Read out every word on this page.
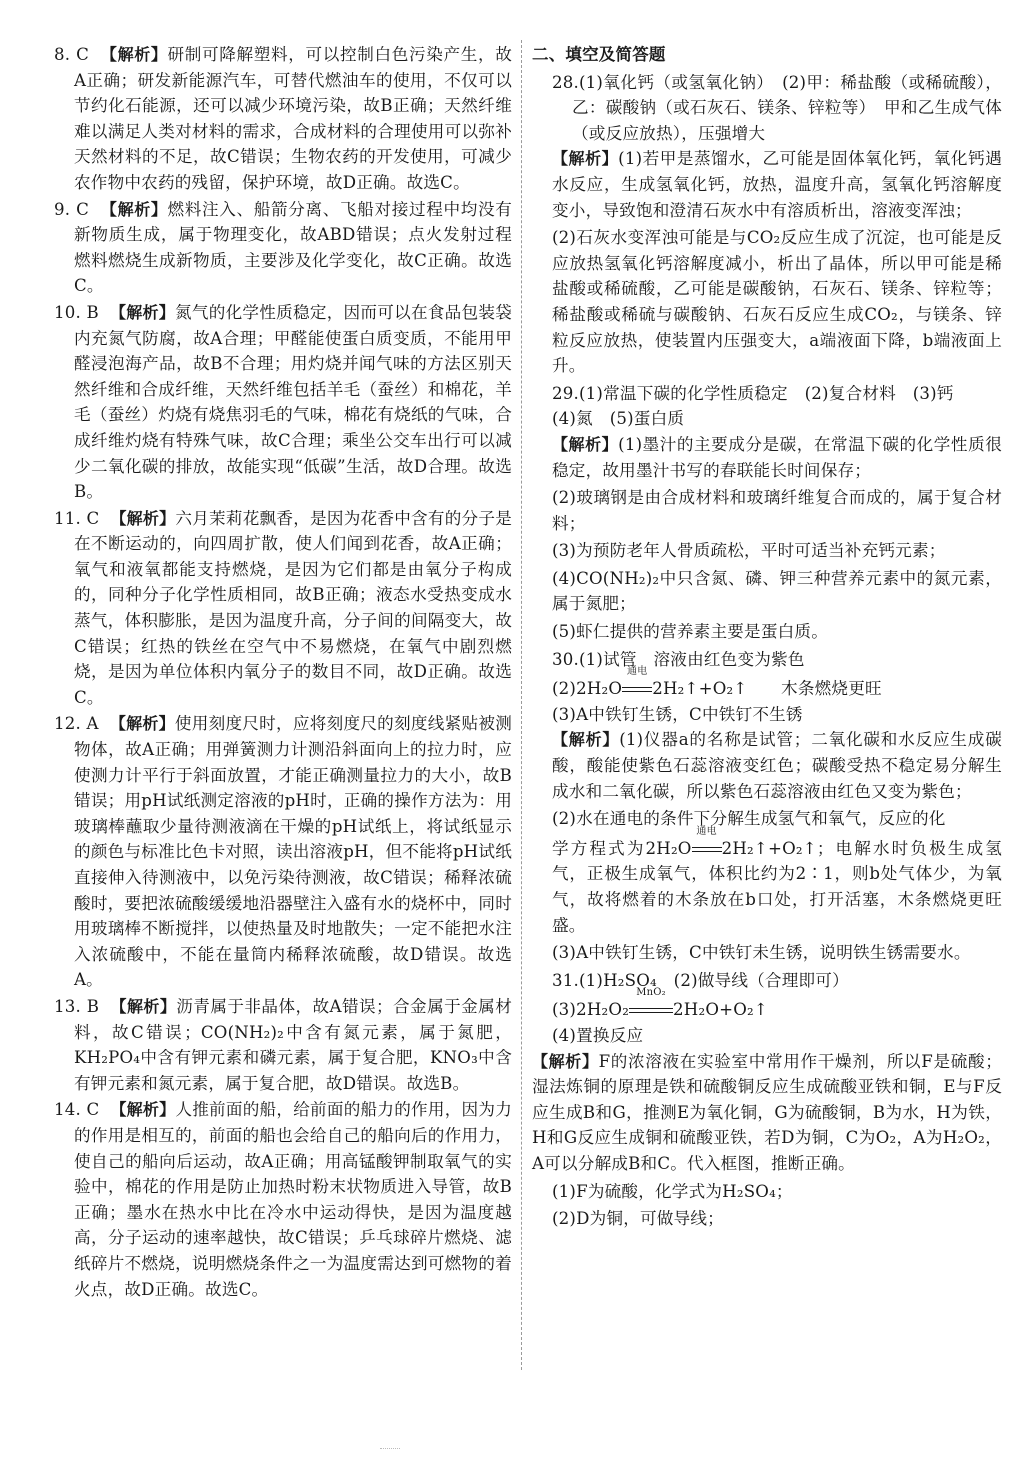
8. C 【解析】研制可降解塑料，可以控制白色污染产生，故A正确；研发新能源汽车，可替代燃油车的使用，不仅可以节约化石能源，还可以减少环境污染，故B正确；天然纤维难以满足人类对材料的需求，合成材料的合理使用可以弥补天然材料的不足，故C错误；生物农药的开发使用，可减少农作物中农药的残留，保护环境，故D正确。故选C。
9. C 【解析】燃料注入、船箭分离、飞船对接过程中均没有新物质生成，属于物理变化，故ABD错误；点火发射过程燃料燃烧生成新物质，主要涉及化学变化，故C正确。故选C。
10. B 【解析】氮气的化学性质稳定，因而可以在食品包装袋内充氮气防腐，故A合理；甲醛能使蛋白质变质，不能用甲醛浸泡海产品，故B不合理；用灼烧并闻气味的方法区别天然纤维和合成纤维，天然纤维包括羊毛（蚕丝）和棉花，羊毛（蚕丝）灼烧有烧焦羽毛的气味，棉花有烧纸的气味，合成纤维灼烧有特殊气味，故C合理；乘坐公交车出行可以减少二氧化碳的排放，故能实现“低碳”生活，故D合理。故选B。
11. C 【解析】六月茉莉花飘香，是因为花香中含有的分子是在不断运动的，向四周扩散，使人们闻到花香，故A正确；氧气和液氧都能支持燃烧，是因为它们都是由氧分子构成的，同种分子化学性质相同，故B正确；液态水受热变成水蒸气，体积膨胀，是因为温度升高，分子间的间隔变大，故C错误；红热的铁丝在空气中不易燃烧，在氧气中剧烈燃烧，是因为单位体积内氧分子的数目不同，故D正确。故选C。
12. A 【解析】使用刻度尺时，应将刻度尺的刻度线紧贴被测物体，故A正确；用弹簧测力计测沿斜面向上的拉力时，应使测力计平行于斜面放置，才能正确测量拉力的大小，故B错误；用pH试纸测定溶液的pH时，正确的操作方法为：用玻璃棒蘸取少量待测液滴在干燥的pH试纸上，将试纸显示的颜色与标准比色卡对照，读出溶液pH，但不能将pH试纸直接伸入待测液中，以免污染待测液，故C错误；稀释浓硫酸时，要把浓硫酸缓缓地沿器壁注入盛有水的烧杯中，同时用玻璃棒不断搅拌，以使热量及时地散失；一定不能把水注入浓硫酸中，不能在量筒内稀释浓硫酸，故D错误。故选A。
13. B 【解析】沥青属于非晶体，故A错误；合金属于金属材料，故C错误；CO(NH₂)₂中含有氮元素，属于氮肥，KH₂PO₄中含有钾元素和磷元素，属于复合肥，KNO₃中含有钾元素和氮元素，属于复合肥，故D错误。故选B。
14. C 【解析】人推前面的船，给前面的船力的作用，因为力的作用是相互的，前面的船也会给自己的船向后的作用力，使自己的船向后运动，故A正确；用高锰酸钾制取氧气的实验中，棉花的作用是防止加热时粉末状物质进入导管，故B正确；墨水在热水中比在冷水中运动得快，是因为温度越高，分子运动的速率越快，故C错误；乒乓球碎片燃烧、滤纸碎片不燃烧，说明燃烧条件之一为温度需达到可燃物的着火点，故D正确。故选C。
二、填空及简答题
28.(1)氧化钙（或氢氧化钠）　(2)甲：稀盐酸（或稀硫酸），乙：碳酸钠（或石灰石、镁条、锌粒等）　甲和乙生成气体（或反应放热），压强增大
【解析】(1)若甲是蒸馏水，乙可能是固体氧化钙，氧化钙遇水反应，生成氢氧化钙，放热，温度升高，氢氧化钙溶解度变小，导致饱和澄清石灰水中有溶质析出，溶液变浑浊；
(2)石灰水变浑浊可能是与CO₂反应生成了沉淀，也可能是反应放热氢氧化钙溶解度减小，析出了晶体，所以甲可能是稀盐酸或稀硫酸，乙可能是碳酸钠，石灰石、镁条、锌粒等；稀盐酸或稀硫与碳酸钠、石灰石反应生成CO₂，与镁条、锌粒反应放热，使装置内压强变大，a端液面下降，b端液面上升。
29.(1)常温下碳的化学性质稳定　(2)复合材料　(3)钙
(4)氮　(5)蛋白质
【解析】(1)墨汁的主要成分是碳，在常温下碳的化学性质很稳定，故用墨汁书写的春联能长时间保存；
(2)玻璃钢是由合成材料和玻璃纤维复合而成的，属于复合材料；
(3)为预防老年人骨质疏松，平时可适当补充钙元素；
(4)CO(NH₂)₂中只含氮、磷、钾三种营养元素中的氮元素，属于氮肥；
(5)虾仁提供的营养素主要是蛋白质。
30.(1)试管　溶液由红色变为紫色
(2)2H₂O
通电
2H₂↑+O₂↑　　木条燃烧更旺
(3)A中铁钉生锈，C中铁钉不生锈
【解析】(1)仪器a的名称是试管；二氧化碳和水反应生成碳酸，酸能使紫色石蕊溶液变红色；碳酸受热不稳定易分解生成水和二氧化碳，所以紫色石蕊溶液由红色又变为紫色；
(2)水在通电的条件下分解生成氢气和氧气，反应的化
学方程式为2H₂O
通电
2H₂↑+O₂↑；电解水时负极生成氢气，正极生成氧气，体积比约为2∶1，则b处气体少，为氧气，故将燃着的木条放在b口处，打开活塞，木条燃烧更旺盛。
(3)A中铁钉生锈，C中铁钉未生锈，说明铁生锈需要水。
31.(1)H₂SO₄　(2)做导线（合理即可）
(3)2H₂O₂
MnO₂
2H₂O+O₂↑
(4)置换反应
【解析】F的浓溶液在实验室中常用作干燥剂，所以F是硫酸；湿法炼铜的原理是铁和硫酸铜反应生成硫酸亚铁和铜，E与F反应生成B和G，推测E为氧化铜，G为硫酸铜，B为水，H为铁，H和G反应生成铜和硫酸亚铁，若D为铜，C为O₂，A为H₂O₂，A可以分解成B和C。代入框图，推断正确。
(1)F为硫酸，化学式为H₂SO₄；
(2)D为铜，可做导线；
